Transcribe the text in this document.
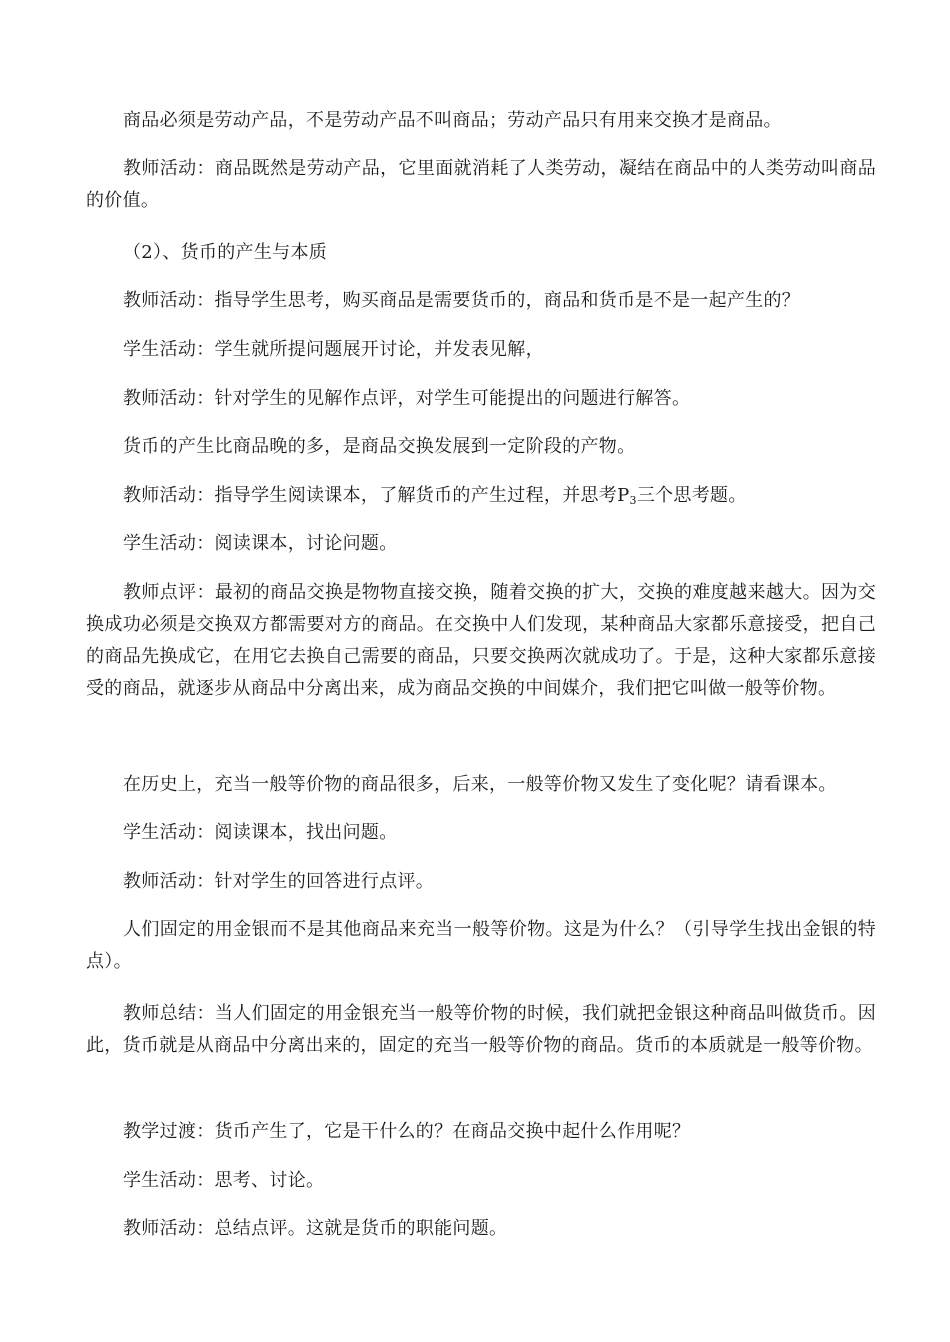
商品必须是劳动产品，不是劳动产品不叫商品；劳动产品只有用来交换才是商品。

教师活动：商品既然是劳动产品，它里面就消耗了人类劳动，凝结在商品中的人类劳动叫商品的价值。

（2）、货币的产生与本质

教师活动：指导学生思考，购买商品是需要货币的，商品和货币是不是一起产生的？

学生活动：学生就所提问题展开讨论，并发表见解，

教师活动：针对学生的见解作点评，对学生可能提出的问题进行解答。

货币的产生比商品晚的多，是商品交换发展到一定阶段的产物。

教师活动：指导学生阅读课本，了解货币的产生过程，并思考$P_3$三个思考题。

学生活动：阅读课本，讨论问题。

教师点评：最初的商品交换是物物直接交换，随着交换的扩大，交换的难度越来越大。因为交换成功必须是交换双方都需要对方的商品。在交换中人们发现，某种商品大家都乐意接受，把自己的商品先换成它，在用它去换自己需要的商品，只要交换两次就成功了。于是，这种大家都乐意接受的商品，就逐步从商品中分离出来，成为商品交换的中间媒介，我们把它叫做一般等价物。

在历史上，充当一般等价物的商品很多，后来，一般等价物又发生了变化呢？请看课本。

学生活动：阅读课本，找出问题。

教师活动：针对学生的回答进行点评。

人们固定的用金银而不是其他商品来充当一般等价物。这是为什么？（引导学生找出金银的特点）。

教师总结：当人们固定的用金银充当一般等价物的时候，我们就把金银这种商品叫做货币。因此，货币就是从商品中分离出来的，固定的充当一般等价物的商品。货币的本质就是一般等价物。

教学过渡：货币产生了，它是干什么的？在商品交换中起什么作用呢？

学生活动：思考、讨论。

教师活动：总结点评。这就是货币的职能问题。
